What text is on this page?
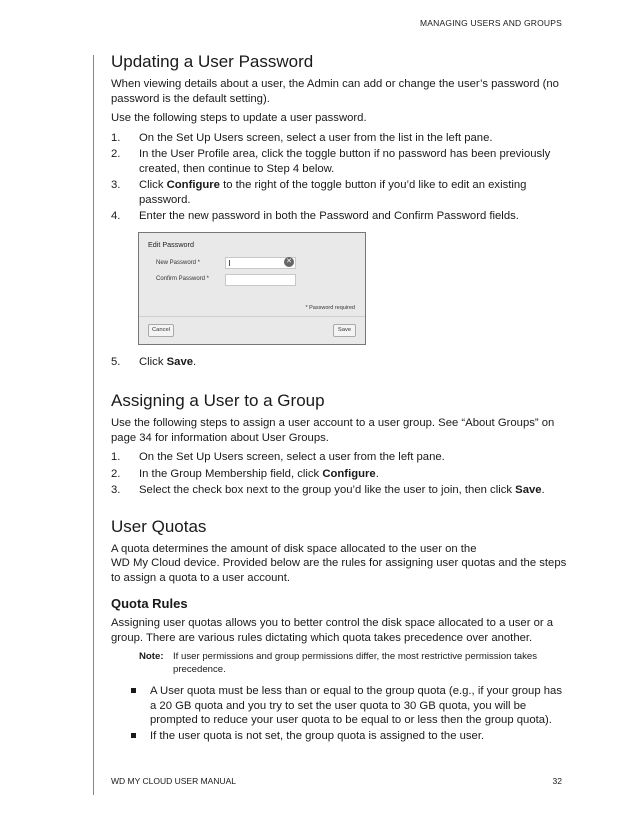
MANAGING USERS AND GROUPS
Updating a User Password

When viewing details about a user, the Admin can add or change the user’s password (no password is the default setting).

Use the following steps to update a user password.

1. On the Set Up Users screen, select a user from the list in the left pane.
2. In the User Profile area, click the toggle button if no password has been previously created, then continue to Step 4 below.
3. Click Configure to the right of the toggle button if you’d like to edit an existing password.
4. Enter the new password in both the Password and Confirm Password fields.
Edit Password
New Password *	✕
Confirm Password *
* Password required
Cancel	Save
5. Click Save.
Assigning a User to a Group

Use the following steps to assign a user account to a user group. See “About Groups” on page 34 for information about User Groups.

1. On the Set Up Users screen, select a user from the left pane.
2. In the Group Membership field, click Configure.
3. Select the check box next to the group you’d like the user to join, then click Save.
User Quotas

A quota determines the amount of disk space allocated to the user on the
WD My Cloud device. Provided below are the rules for assigning user quotas and the steps to assign a quota to a user account.

Quota Rules

Assigning user quotas allows you to better control the disk space allocated to a user or a group. There are various rules dictating which quota takes precedence over another.

Note: If user permissions and group permissions differ, the most restrictive permission takes precedence.
A User quota must be less than or equal to the group quota (e.g., if your group has a 20 GB quota and you try to set the user quota to 30 GB quota, you will be prompted to reduce your user quota to be equal to or less then the group quota).
If the user quota is not set, the group quota is assigned to the user.
WD MY CLOUD USER MANUAL	32
